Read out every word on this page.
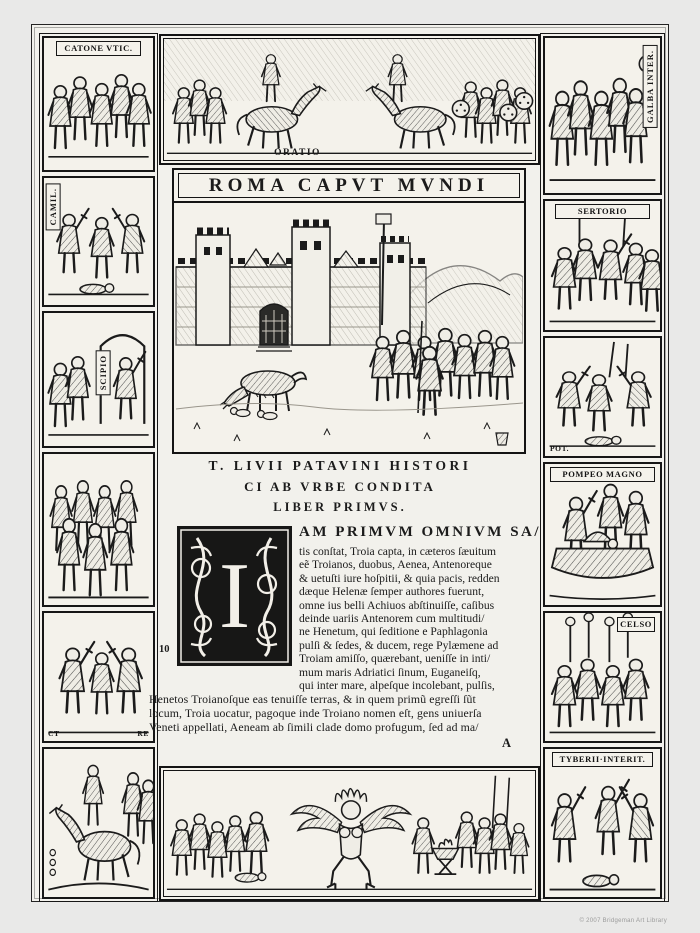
CATONE VTIC.
CAMIL.
SCIPIO
CT	RE
GALBA INTER.
SERTORIO
POT.
POMPEO MAGNO
CELSO
TYBERII·INTERIT.
ORATIO
ROMA CAPVT MVNDI
T. LIVII PATAVINI HISTORI
CI AB VRBE CONDITA
LIBER PRIMVS.
I
10
AM PRIMVM OMNIVM SA/
tis conſtat, Troia capta, in cæteros ſæuitum
eẽ Troianos, duobus, Aenea, Antenoreque
& uetuſti iure hoſpitii, & quia pacis, redden
dæque Helenæ ſemper authores fuerunt,
omne ius belli Achiuos abſtinuiſſe, caſibus
deinde uariis Antenorem cum multitudi/
ne Henetum, qui ſeditione e Paphlagonia
pulſi & ſedes, & ducem, rege Pylæmene ad
Troiam amiſſo, quærebant, ueniſſe in inti/
mum maris Adriatici ſinum, Euganeiſq,
qui inter mare, alpeſque incolebant, pulſis,
Henetos Troianoſque eas tenuiſſe terras, & in quem primũ egreſſi ſũt
locum, Troia uocatur, pagoque inde Troiano nomen eſt, gens uniuerſa
Veneti appellati, Aeneam ab ſimili clade domo profugum, ſed ad ma/
A
© 2007 Bridgeman Art Library
